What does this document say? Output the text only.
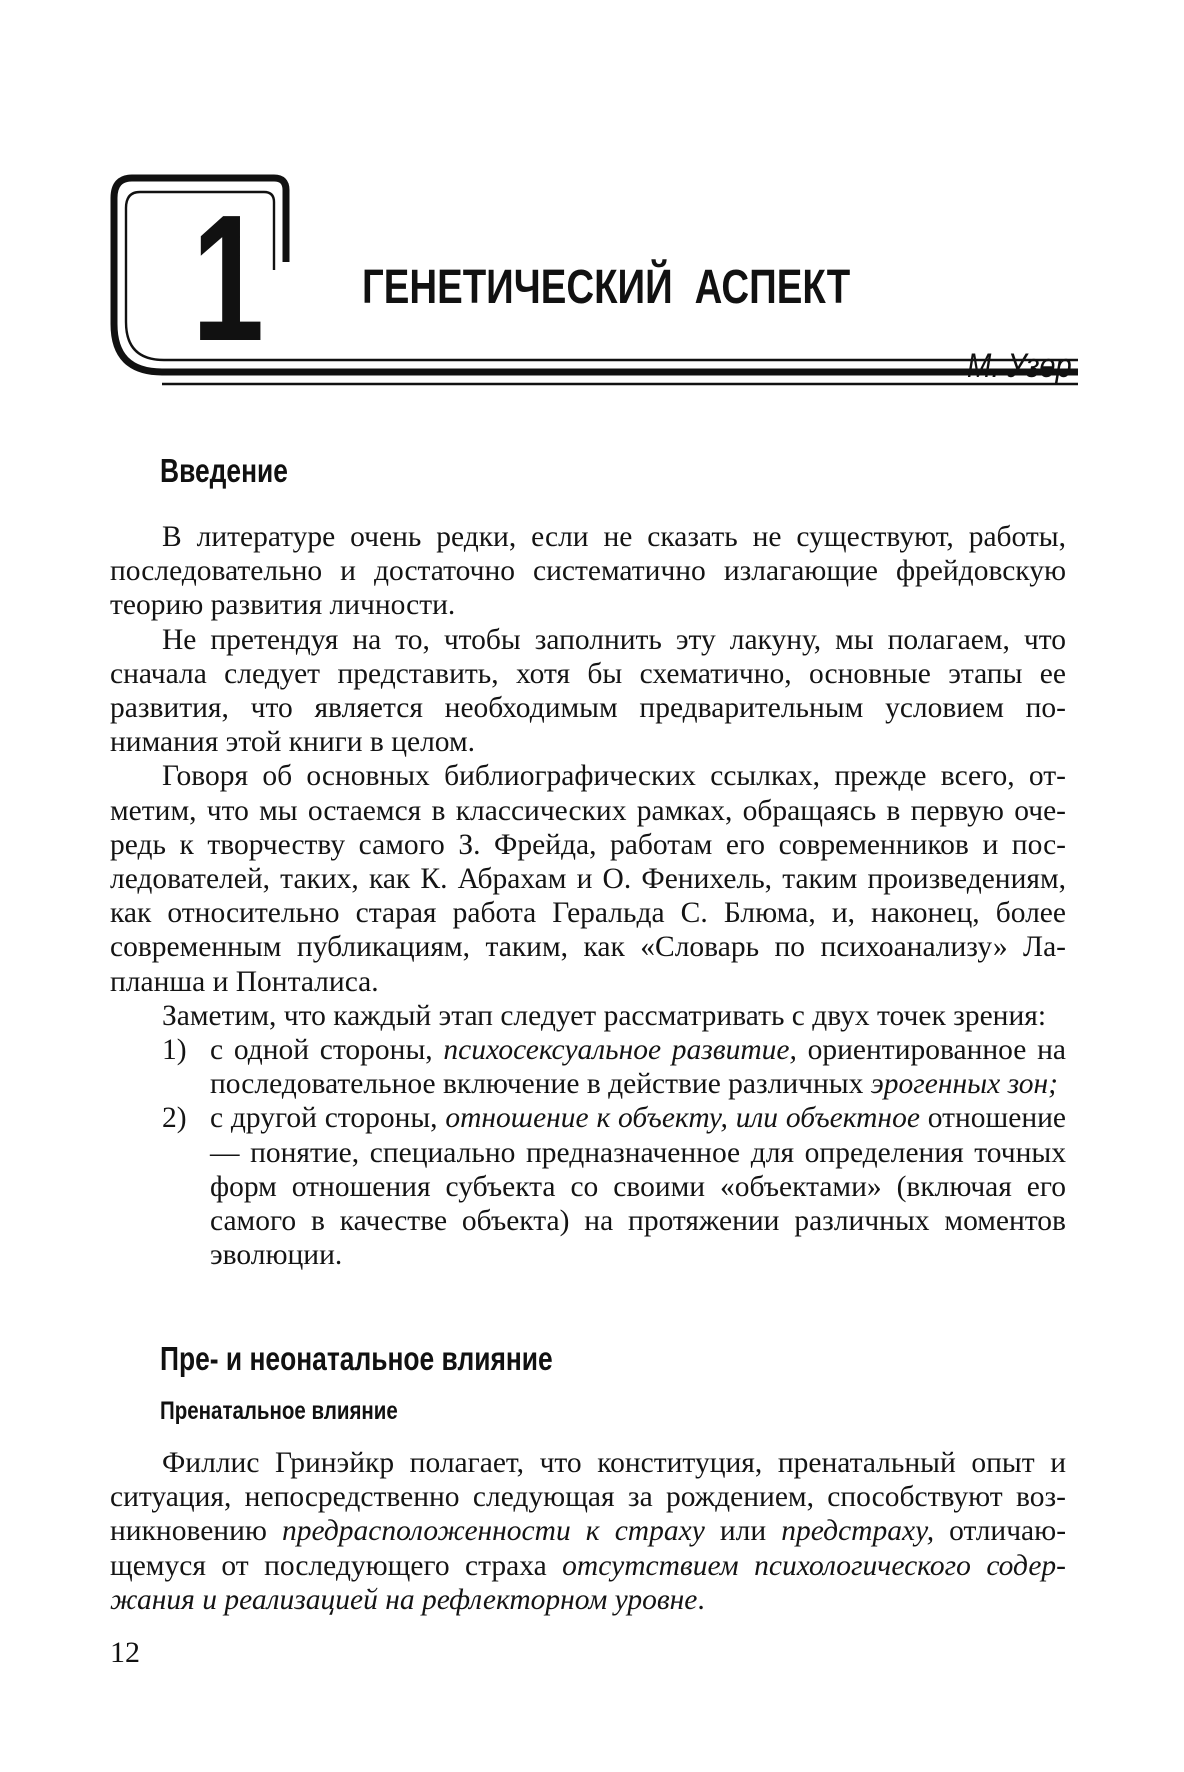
1 ГЕНЕТИЧЕСКИЙ АСПЕКТ
М. Узер
Введение

В литературе очень редки, если не сказать не существуют, работы, последовательно и достаточно систематично излагающие фрейдовскую теорию развития личности.

Не претендуя на то, чтобы заполнить эту лакуну, мы полагаем, что сначала следует представить, хотя бы схематично, основные этапы ее развития, что является необходимым предварительным условием понимания этой книги в целом.

Говоря об основных библиографических ссылках, прежде всего, отметим, что мы остаемся в классических рамках, обращаясь в первую очередь к творчеству самого З. Фрейда, работам его современников и последователей, таких, как К. Абрахам и О. Фенихель, таким произведениям, как относительно старая работа Геральда С. Блюма, и, наконец, более современным публикациям, таким, как «Словарь по психоанализу» Лапланша и Понталиса.

Заметим, что каждый этап следует рассматривать с двух точек зрения:

1) с одной стороны, психосексуальное развитие, ориентированное на последовательное включение в действие различных эрогенных зон;
2) с другой стороны, отношение к объекту, или объектное отношение — понятие, специально предназначенное для определения точных форм отношения субъекта со своими «объектами» (включая его самого в качестве объекта) на протяжении различных моментов эволюции.
Пре- и неонатальное влияние
Пренатальное влияние

Филлис Гринэйкр полагает, что конституция, пренатальный опыт и ситуация, непосредственно следующая за рождением, способствуют возникновению предрасположенности к страху или предстраху, отличающемуся от последующего страха отсутствием психологического содержания и реализацией на рефлекторном уровне.

12
